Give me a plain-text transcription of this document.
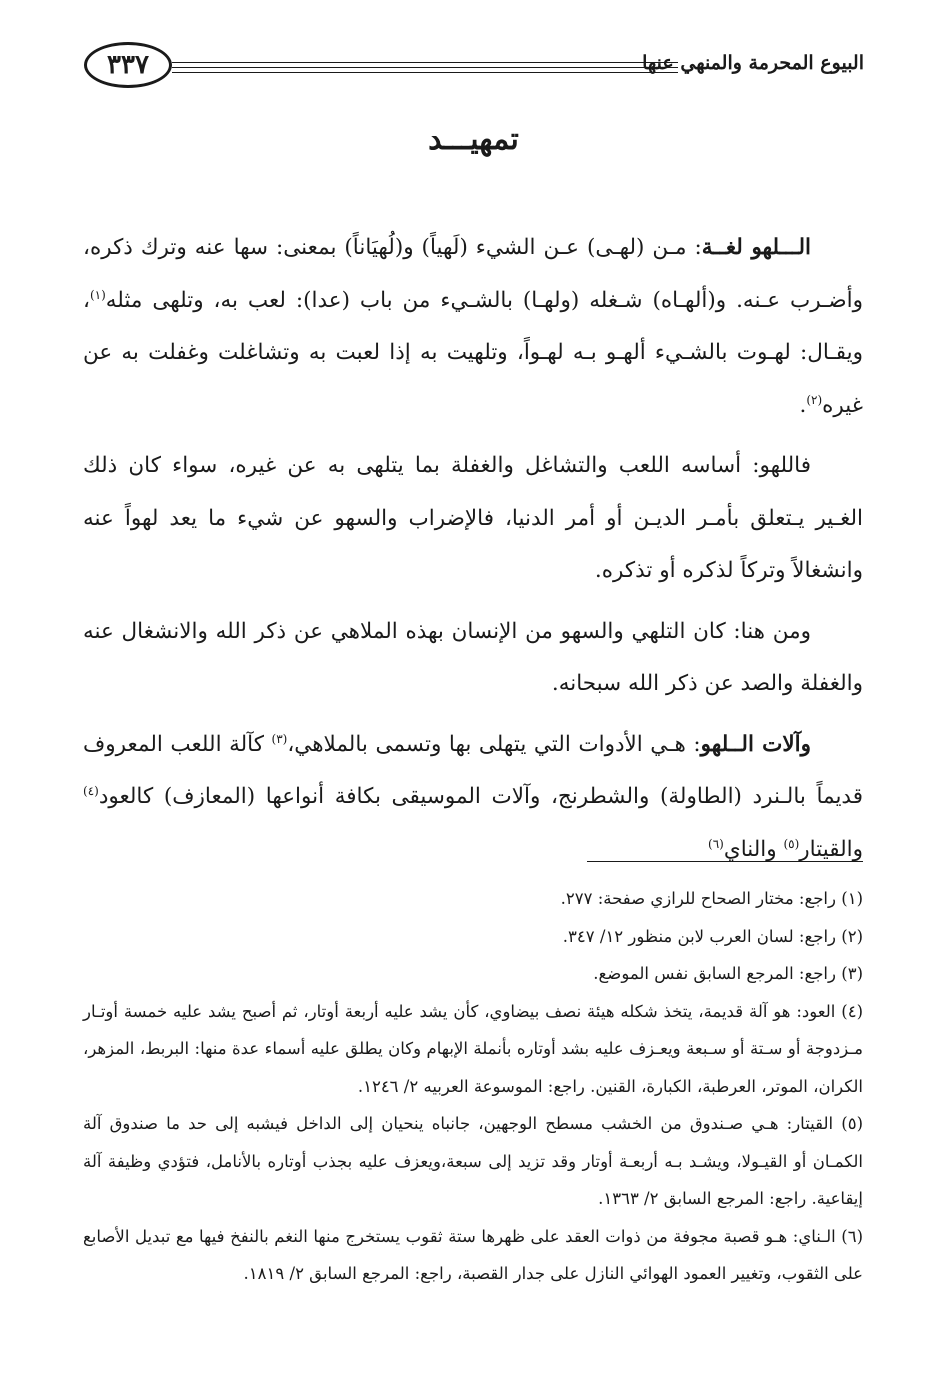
٣٣٧	البيوع المحرمة والمنهي عنها
تمهيـــد

الـــلهو لغــة: مـن (لهـى) عـن الشيء (لَهياً) و(لُهيَاناً) بمعنى: سها عنه وترك ذكره، وأضـرب عـنه. و(ألهـاه) شـغله (ولهـا) بالشـيء من باب (عدا): لعب به، وتلهى مثله$^{(١)}$، ويقـال: لهـوت بالشـيء ألهـو بـه لهـواً، وتلهيت به إذا لعبت به وتشاغلت وغفلت به عن غيره$^{(٢)}$.

فاللهو: أساسه اللعب والتشاغل والغفلة بما يتلهى به عن غيره، سواء كان ذلك الغـير يـتعلق بأمـر الديـن أو أمر الدنيا، فالإضراب والسهو عن شيء ما يعد لهواً عنه وانشغالاً وتركاً لذكره أو تذكره.

ومن هنا: كان التلهي والسهو من الإنسان بهذه الملاهي عن ذكر الله والانشغال عنه والغفلة والصد عن ذكر الله سبحانه.

وآلات الــلهو: هـي الأدوات التي يتهلى بها وتسمى بالملاهي،$^{(٣)}$ كآلة اللعب المعروف قديماً بالـنرد (الطاولة) والشطرنج، وآلات الموسيقى بكافة أنواعها (المعازف) كالعود$^{(٤)}$ والقيتار$^{(٥)}$ والناي$^{(٦)}$

(١) راجع: مختار الصحاح للرازي صفحة: ٢٧٧.

(٢) راجع: لسان العرب لابن منظور ١٢/ ٣٤٧.

(٣) راجع: المرجع السابق نفس الموضع.

(٤) العود: هو آلة قديمة، يتخذ شكله هيئة نصف بيضاوي، كأن يشد عليه أربعة أوتار، ثم أصبح يشد عليه خمسة أوتـار مـزدوجة أو سـتة أو سـبعة ويعـزف عليه بشد أوتاره بأنملة الإبهام وكان يطلق عليه أسماء عدة منها: البربط، المزهر، الكران، الموتر، العرطبة، الكبارة، القنين. راجع: الموسوعة العربيه ٢/ ١٢٤٦.

(٥) القيتار: هـي صـندوق من الخشب مسطح الوجهين، جانباه ينحيان إلى الداخل فيشبه إلى حد ما صندوق آلة الكمـان أو القيـولا، ويشـد بـه أربعـة أوتار وقد تزيد إلى سبعة،ويعزف عليه بجذب أوتاره بالأنامل، فتؤدي وظيفة آلة إيقاعية. راجع: المرجع السابق ٢/ ١٣٦٣.

(٦) الـناي: هـو قصبة مجوفة من ذوات العقد على ظهرها ستة ثقوب يستخرج منها النغم بالنفخ فيها مع تبديل الأصابع على الثقوب، وتغيير العمود الهوائي النازل على جدار القصبة، راجع: المرجع السابق ٢/ ١٨١٩.
